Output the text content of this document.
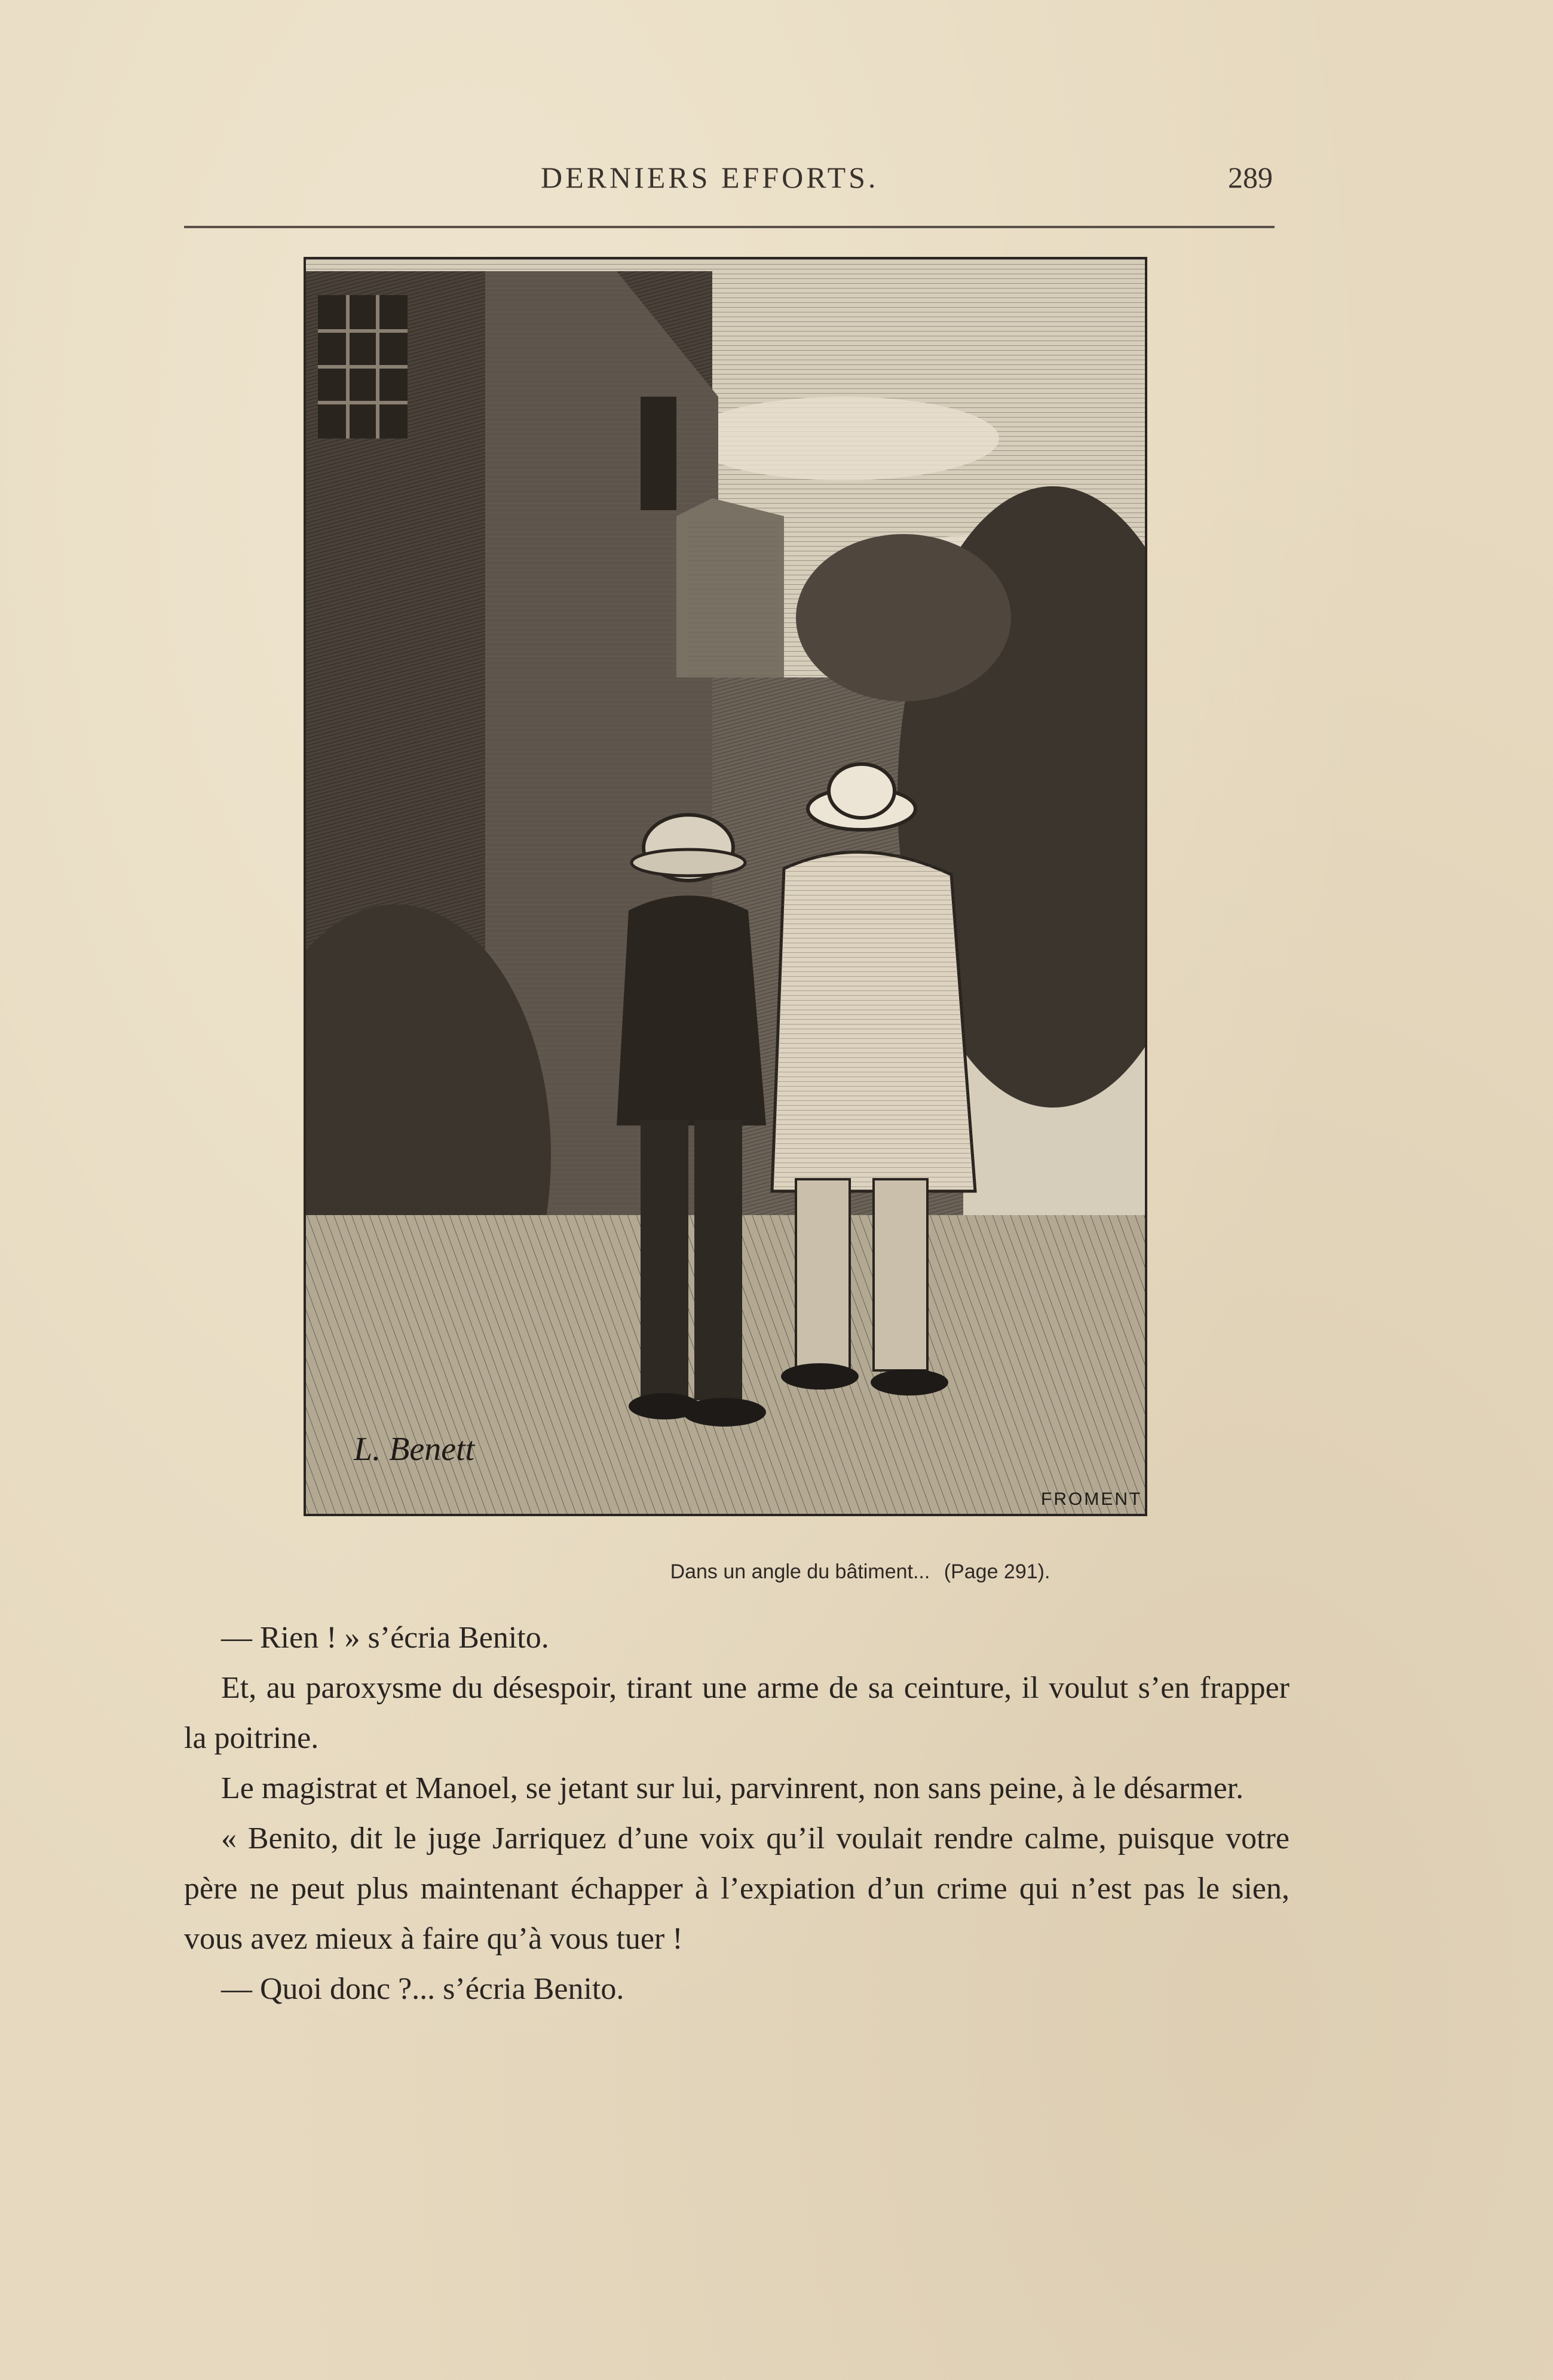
DERNIERS EFFORTS.	289
L. Benett
FROMENT
Dans un angle du bâtiment... (Page 291).

— Rien ! » s’écria Benito.

Et, au paroxysme du désespoir, tirant une arme de sa ceinture, il voulut s’en frapper la poitrine.

Le magistrat et Manoel, se jetant sur lui, parvinrent, non sans peine, à le désarmer.

« Benito, dit le juge Jarriquez d’une voix qu’il voulait rendre calme, puisque votre père ne peut plus maintenant échapper à l’expiation d’un crime qui n’est pas le sien, vous avez mieux à faire qu’à vous tuer !

— Quoi donc ?... s’écria Benito.
